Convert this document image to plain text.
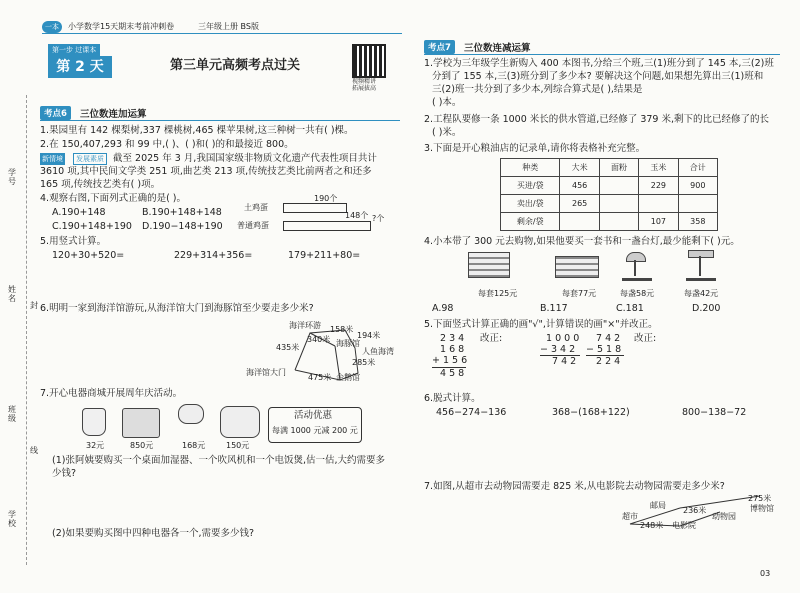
一本	小学数学15天期末考前冲刺卷	三年级上册 BS版
第一步 过课本
第 2 天	第三单元高频考点过关
视频精讲
拓展拔高
学号
姓名
班级
学校
封
线
考点6	三位数连加运算
1.果园里有 142 棵梨树,337 棵桃树,465 棵苹果树,这三种树一共有( )棵。
2.在 150,407,293 和 99 中,( )、( )和( )的和最接近 800。
新情境	发展素质 截至 2025 年 3 月,我国国家级非物质文化遗产代表性项目共计
3610 项,其中民间文学类 251 项,曲艺类 213 项,传统技艺类比前两者之和还多
165 项,传统技艺类有( )项。
4.观察右图,下面列式正确的是( )。
A.190+148	B.190+148+148
C.190+148+190 D.190−148+190
190个
土鸡蛋
148个
普通鸡蛋
?个
5.用竖式计算。
120+30+520=	229+314+356=	179+211+80=
6.明明一家到海洋馆游玩,从海洋馆大门到海豚馆至少要走多少米?
海洋环游 158米
340米 海豚馆
194米
435米	人鱼海湾
285米
海洋馆大门
475米 企鹅馆
7.开心电器商城开展周年庆活动。
32元	850元	168元	150元
活动优惠
每满 1000 元减 200 元
(1)张阿姨要购买一个桌面加湿器、一个吹风机和一个电饭煲,估一估,大约需要多
少钱?
(2)如果要购买图中四种电器各一个,需要多少钱?
考点7	三位数连减运算
1.学校为三年级学生新购入 400 本图书,分给三个班,三(1)班分到了 145 本,三(2)班
分到了 155 本,三(3)班分到了多少本? 要解决这个问题,如果想先算出三(1)班和
三(2)班一共分到了多少本,列综合算式是( ),结果是
( )本。
2.工程队要修一条 1000 米长的供水管道,已经修了 379 米,剩下的比已经修了的长
( )米。
3.下面是开心粮油店的记录单,请你将表格补充完整。
种类	大米	面粉	玉米	合计
买进/袋	456		229	900
卖出/袋	265			
剩余/袋			107	358
4.小本带了 300 元去购物,如果他要买一套书和一盏台灯,最少能剩下( )元。
每套125元	每套77元	每盏58元	每盏42元
A.98	B.117	C.181	D.200
5.下面竖式计算正确的画"√",计算错误的画"×"并改正。
2 3 4
1 6 8
+ 1 5 6
4 5 8
改正:	1 0 0 0
− 3 4 2
7 4 2
7 4 2
− 5 1 8
2 2 4
改正:
6.脱式计算。
456−274−136	368−(168+122)	800−138−72
7.如图,从超市去动物园需要走 825 米,从电影院去动物园需要走多少米?
邮局
236米
275米
博物馆
超市
248米 电影院
动物园
03
